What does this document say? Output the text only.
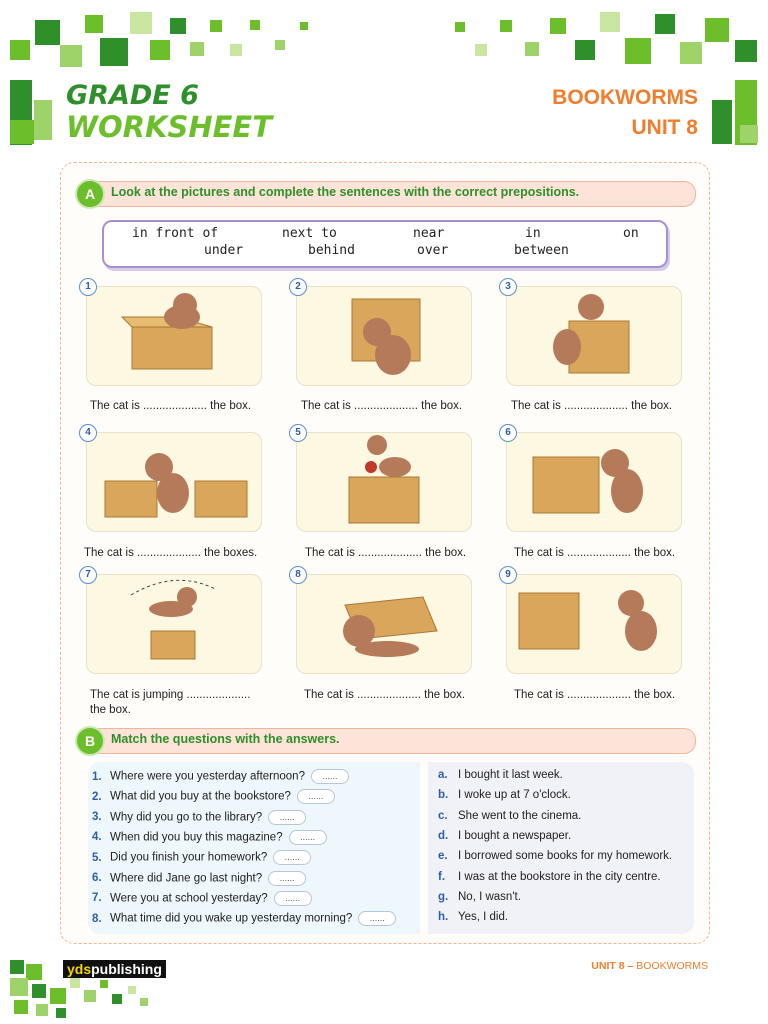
GRADE 6
WORKSHEET
BOOKWORMS
UNIT 8
Look at the pictures and complete the sentences with the correct prepositions.
A
in front of	next to	near	in	on
under	behind	over	between
1
The cat is .................... the box.
2
The cat is .................... the box.
3
The cat is .................... the box.
4
The cat is .................... the boxes.
5
The cat is .................... the box.
6
The cat is .................... the box.
7
The cat is jumping .................... the box.
8
The cat is .................... the box.
9
The cat is .................... the box.
Match the questions with the answers.
B
1. Where were you yesterday afternoon? ......
2. What did you buy at the bookstore? ......
3. Why did you go to the library? ......
4. When did you buy this magazine? ......
5. Did you finish your homework? ......
6. Where did Jane go last night? ......
7. Were you at school yesterday? ......
8. What time did you wake up yesterday morning? ......
a. I bought it last week.
b. I woke up at 7 o'clock.
c. She went to the cinema.
d. I bought a newspaper.
e. I borrowed some books for my homework.
f. I was at the bookstore in the city centre.
g. No, I wasn't.
h. Yes, I did.
ydspublishing	UNIT 8 – BOOKWORMS
